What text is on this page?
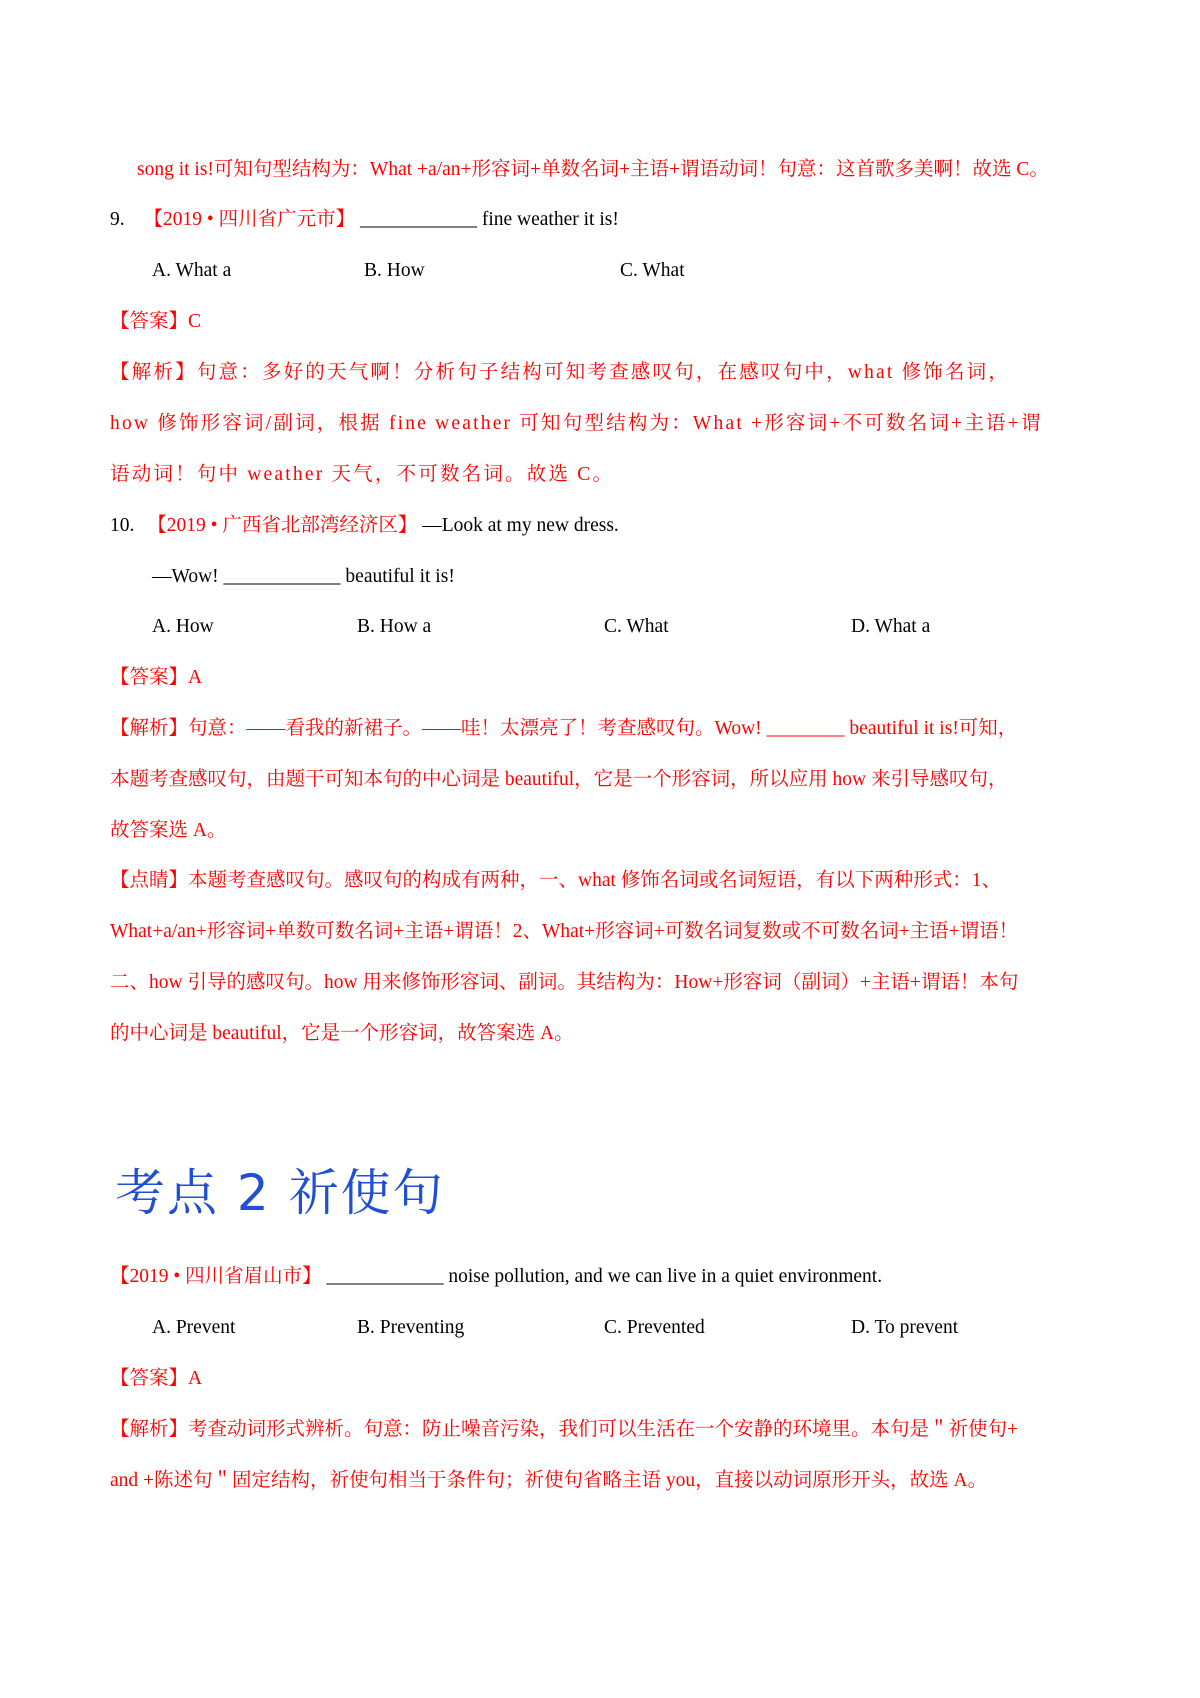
song it is!可知句型结构为：What +a/an+形容词+单数名词+主语+谓语动词！句意：这首歌多美啊！故选 C。
9. 【2019 • 四川省广元市】 ____________ fine weather it is!
A. What a	B. How	C. What
【答案】C
【解析】句意：多好的天气啊！分析句子结构可知考查感叹句，在感叹句中，what 修饰名词，
how 修饰形容词/副词，根据 fine weather 可知句型结构为：What +形容词+不可数名词+主语+谓
语动词！句中 weather 天气，不可数名词。故选 C。
10. 【2019 • 广西省北部湾经济区】 —Look at my new dress.
—Wow! ____________ beautiful it is!
A. How	B. How a	C. What	D. What a
【答案】A
【解析】句意：——看我的新裙子。——哇！太漂亮了！考查感叹句。Wow! ________ beautiful it is!可知，
本题考查感叹句，由题干可知本句的中心词是 beautiful，它是一个形容词，所以应用 how 来引导感叹句，
故答案选 A。
【点睛】本题考查感叹句。感叹句的构成有两种，一、what 修饰名词或名词短语，有以下两种形式：1、
What+a/an+形容词+单数可数名词+主语+谓语！2、What+形容词+可数名词复数或不可数名词+主语+谓语！
二、how 引导的感叹句。how 用来修饰形容词、副词。其结构为：How+形容词（副词）+主语+谓语！本句
的中心词是 beautiful，它是一个形容词，故答案选 A。
考点 2 祈使句
【2019 • 四川省眉山市】 ____________ noise pollution, and we can live in a quiet environment.
A. Prevent	B. Preventing	C. Prevented	D. To prevent
【答案】A
【解析】考查动词形式辨析。句意：防止噪音污染，我们可以生活在一个安静的环境里。本句是＂祈使句+
and +陈述句＂固定结构，祈使句相当于条件句；祈使句省略主语 you，直接以动词原形开头，故选 A。
